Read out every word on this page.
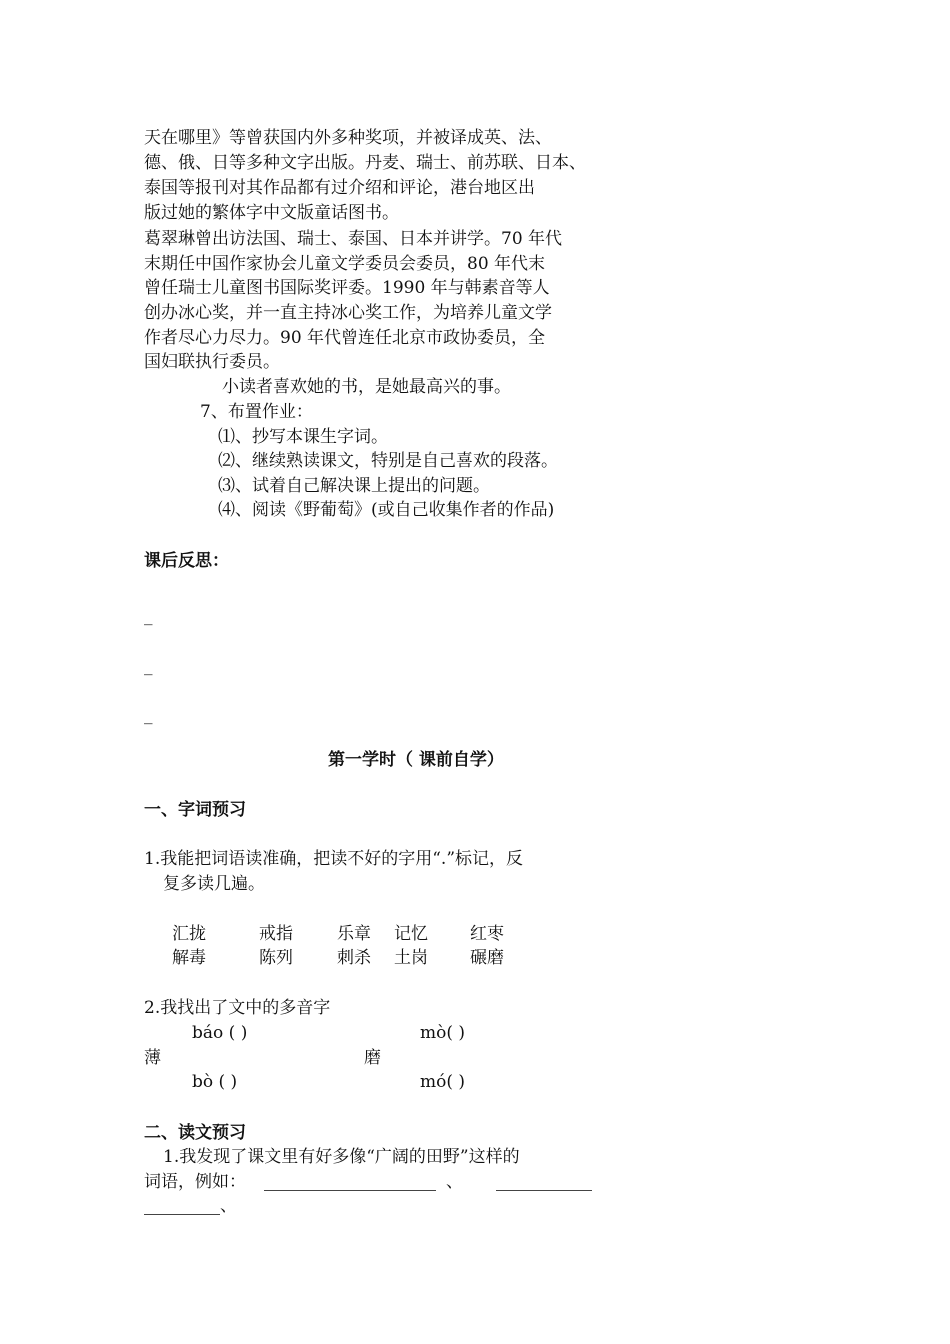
天在哪里》等曾获国内外多种奖项，并被译成英、法、
德、俄、日等多种文字出版。丹麦、瑞士、前苏联、日本、
泰国等报刊对其作品都有过介绍和评论，港台地区出
版过她的繁体字中文版童话图书。
葛翠琳曾出访法国、瑞士、泰国、日本并讲学。70 年代
末期任中国作家协会儿童文学委员会委员，80 年代末
曾任瑞士儿童图书国际奖评委。1990 年与韩素音等人
创办冰心奖，并一直主持冰心奖工作，为培养儿童文学
作者尽心力尽力。90 年代曾连任北京市政协委员，全
国妇联执行委员。
小读者喜欢她的书，是她最高兴的事。
7、布置作业：
⑴、抄写本课生字词。
⑵、继续熟读课文，特别是自己喜欢的段落。
⑶、试着自己解决课上提出的问题。
⑷、阅读《野葡萄》(或自己收集作者的作品)
课后反思：
_
_
_
第一学时（ 课前自学）
一、字词预习
1.我能把词语读准确，把读不好的字用“.”标记，反
复多读几遍。
汇拢	戒指	乐章 记忆 红枣
解毒	陈列	刺杀 土岗 碾磨
2.我找出了文中的多音字
báo ( )	mò( )
薄	磨
bò ( )	mó( )
二、读文预习
1.我发现了课文里有好多像“广阔的田野”这样的
词语，例如：	、
、
